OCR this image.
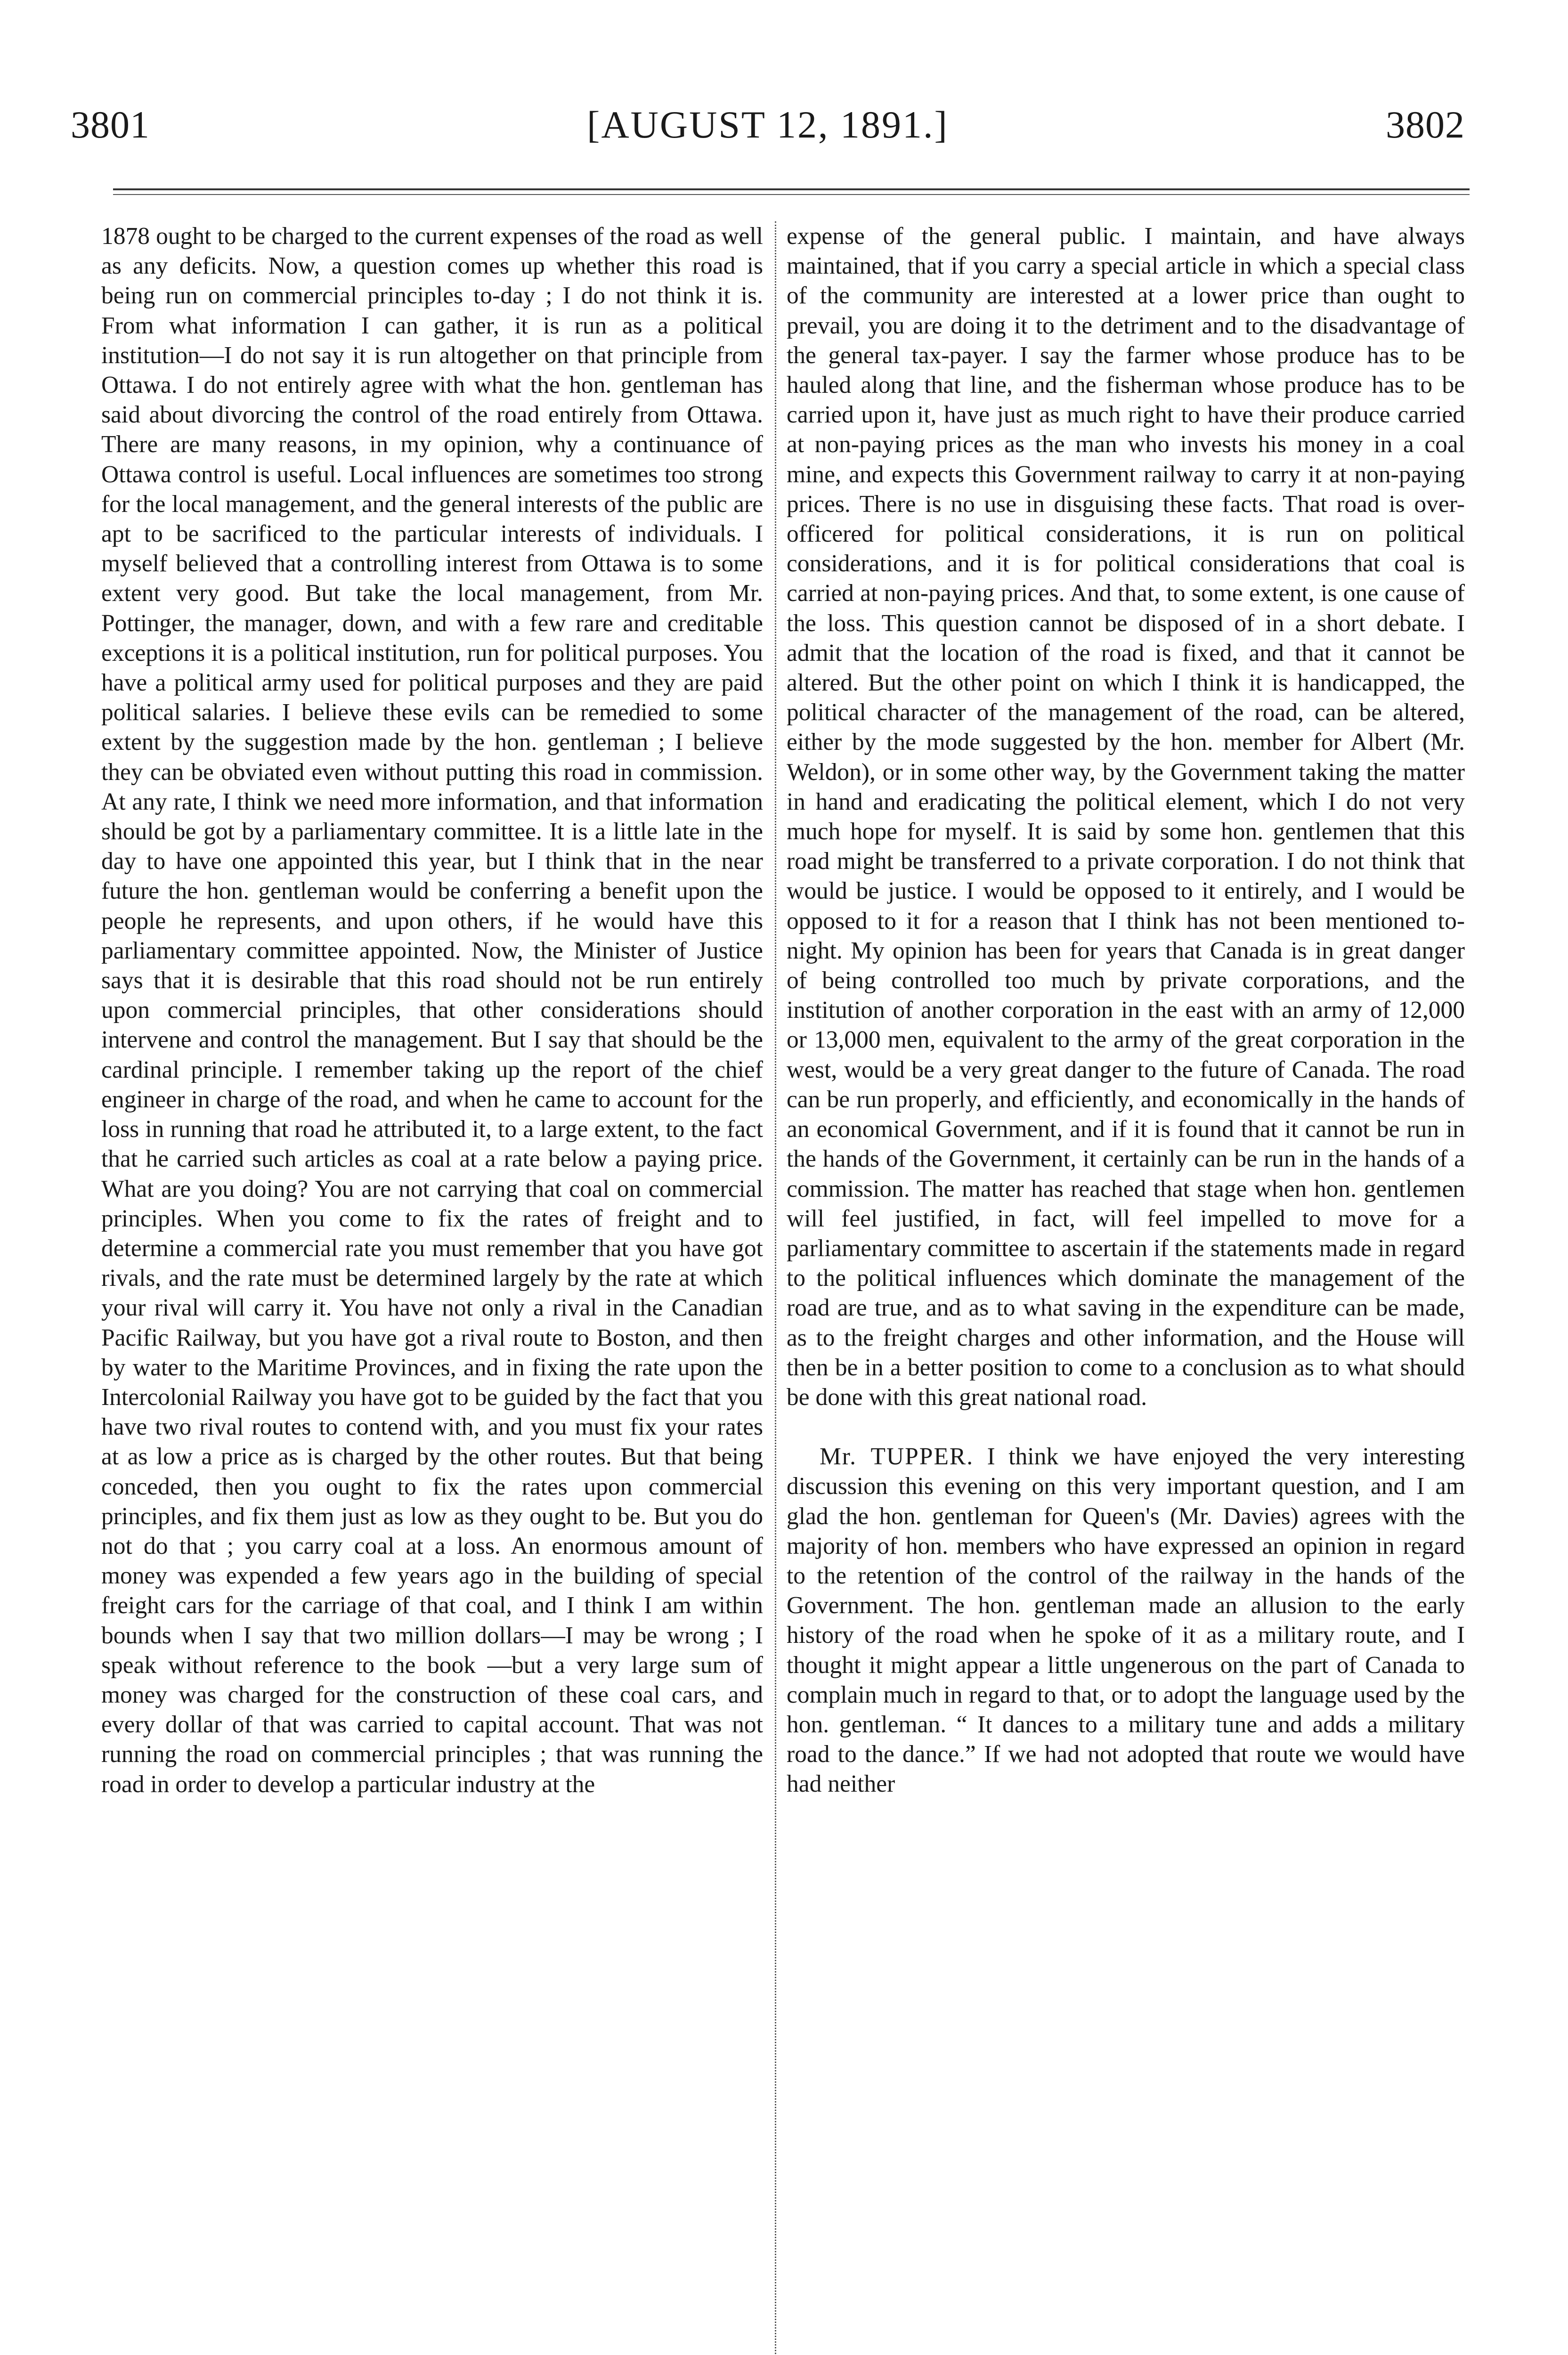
3801	[AUGUST 12, 1891.]	3802

1878 ought to be charged to the current expenses of the road as well as any deficits. Now, a question comes up whether this road is being run on commercial principles to-day ; I do not think it is. From what information I can gather, it is run as a political institution—I do not say it is run altogether on that principle from Ottawa. I do not entirely agree with what the hon. gentleman has said about divorcing the control of the road entirely from Ottawa. There are many reasons, in my opinion, why a continuance of Ottawa control is useful. Local influences are sometimes too strong for the local management, and the general interests of the public are apt to be sacrificed to the particular interests of individuals. I myself believed that a controlling interest from Ottawa is to some extent very good. But take the local management, from Mr. Pottinger, the manager, down, and with a few rare and creditable exceptions it is a political institution, run for political purposes. You have a political army used for political purposes and they are paid political salaries. I believe these evils can be remedied to some extent by the suggestion made by the hon. gentleman ; I believe they can be obviated even without putting this road in commission. At any rate, I think we need more information, and that information should be got by a parliamentary committee. It is a little late in the day to have one appointed this year, but I think that in the near future the hon. gentleman would be conferring a benefit upon the people he represents, and upon others, if he would have this parliamentary committee appointed. Now, the Minister of Justice says that it is desirable that this road should not be run entirely upon commercial principles, that other considerations should intervene and control the management. But I say that should be the cardinal principle. I remember taking up the report of the chief engineer in charge of the road, and when he came to account for the loss in running that road he attributed it, to a large extent, to the fact that he carried such articles as coal at a rate below a paying price. What are you doing? You are not carrying that coal on commercial principles. When you come to fix the rates of freight and to determine a commercial rate you must remember that you have got rivals, and the rate must be determined largely by the rate at which your rival will carry it. You have not only a rival in the Canadian Pacific Railway, but you have got a rival route to Boston, and then by water to the Maritime Provinces, and in fixing the rate upon the Intercolonial Railway you have got to be guided by the fact that you have two rival routes to contend with, and you must fix your rates at as low a price as is charged by the other routes. But that being conceded, then you ought to fix the rates upon commercial principles, and fix them just as low as they ought to be. But you do not do that ; you carry coal at a loss. An enormous amount of money was expended a few years ago in the building of special freight cars for the carriage of that coal, and I think I am within bounds when I say that two million dollars—I may be wrong ; I speak without reference to the book —but a very large sum of money was charged for the construction of these coal cars, and every dollar of that was carried to capital account. That was not running the road on commercial principles ; that was running the road in order to develop a particular industry at the

expense of the general public. I maintain, and have always maintained, that if you carry a special article in which a special class of the community are interested at a lower price than ought to prevail, you are doing it to the detriment and to the disadvantage of the general tax-payer. I say the farmer whose produce has to be hauled along that line, and the fisherman whose produce has to be carried upon it, have just as much right to have their produce carried at non-paying prices as the man who invests his money in a coal mine, and expects this Government railway to carry it at non-paying prices. There is no use in disguising these facts. That road is over-officered for political considerations, it is run on political considerations, and it is for political considerations that coal is carried at non-paying prices. And that, to some extent, is one cause of the loss. This question cannot be disposed of in a short debate. I admit that the location of the road is fixed, and that it cannot be altered. But the other point on which I think it is handicapped, the political character of the management of the road, can be altered, either by the mode suggested by the hon. member for Albert (Mr. Weldon), or in some other way, by the Government taking the matter in hand and eradicating the political element, which I do not very much hope for myself. It is said by some hon. gentlemen that this road might be transferred to a private corporation. I do not think that would be justice. I would be opposed to it entirely, and I would be opposed to it for a reason that I think has not been mentioned to-night. My opinion has been for years that Canada is in great danger of being controlled too much by private corporations, and the institution of another corporation in the east with an army of 12,000 or 13,000 men, equivalent to the army of the great corporation in the west, would be a very great danger to the future of Canada. The road can be run properly, and efficiently, and economically in the hands of an economical Government, and if it is found that it cannot be run in the hands of the Government, it certainly can be run in the hands of a commission. The matter has reached that stage when hon. gentlemen will feel justified, in fact, will feel impelled to move for a parliamentary committee to ascertain if the statements made in regard to the political influences which dominate the management of the road are true, and as to what saving in the expenditure can be made, as to the freight charges and other information, and the House will then be in a better position to come to a conclusion as to what should be done with this great national road.

Mr. TUPPER. I think we have enjoyed the very interesting discussion this evening on this very important question, and I am glad the hon. gentleman for Queen's (Mr. Davies) agrees with the majority of hon. members who have expressed an opinion in regard to the retention of the control of the railway in the hands of the Government. The hon. gentleman made an allusion to the early history of the road when he spoke of it as a military route, and I thought it might appear a little ungenerous on the part of Canada to complain much in regard to that, or to adopt the language used by the hon. gentleman. “ It dances to a military tune and adds a military road to the dance.” If we had not adopted that route we would have had neither
